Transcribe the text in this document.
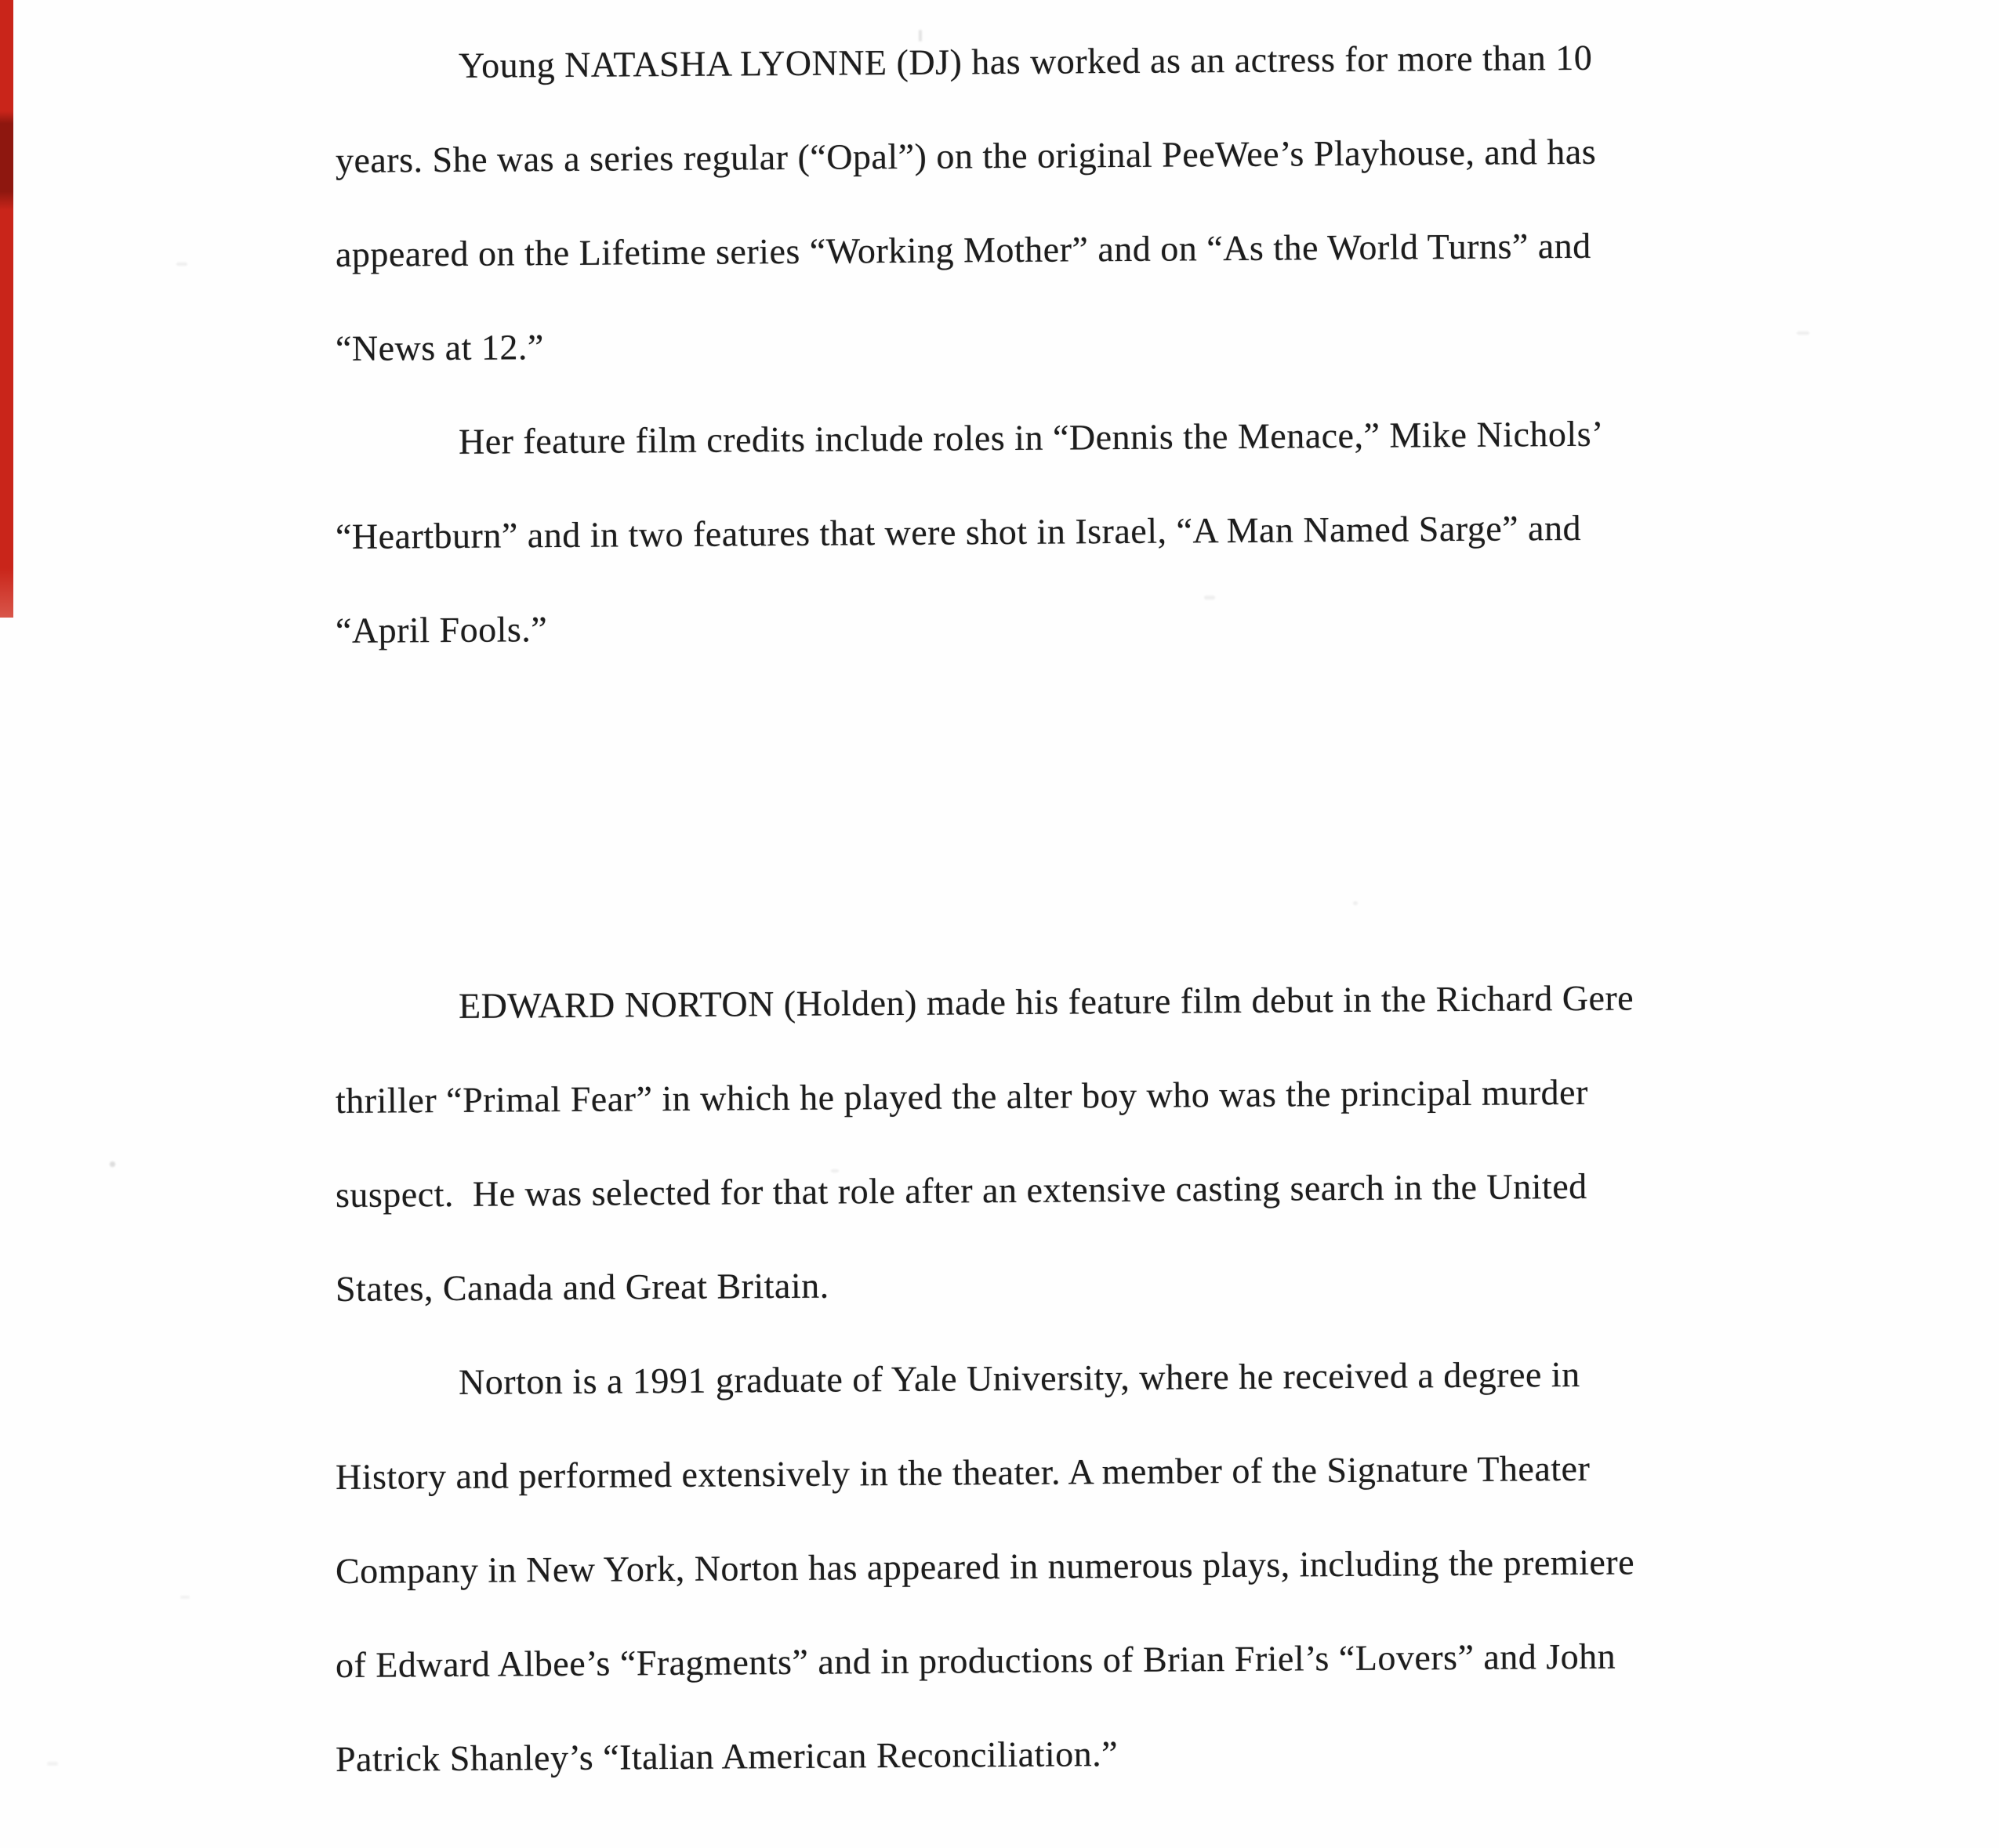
Young NATASHA LYONNE (DJ) has worked as an actress for more than 10
years. She was a series regular (“Opal”) on the original PeeWee’s Playhouse, and has
appeared on the Lifetime series “Working Mother” and on “As the World Turns” and
“News at 12.”
Her feature film credits include roles in “Dennis the Menace,” Mike Nichols’
“Heartburn” and in two features that were shot in Israel, “A Man Named Sarge” and
“April Fools.”
EDWARD NORTON (Holden) made his feature film debut in the Richard Gere
thriller “Primal Fear” in which he played the alter boy who was the principal murder
suspect.  He was selected for that role after an extensive casting search in the United
States, Canada and Great Britain.
Norton is a 1991 graduate of Yale University, where he received a degree in
History and performed extensively in the theater. A member of the Signature Theater
Company in New York, Norton has appeared in numerous plays, including the premiere
of Edward Albee’s “Fragments” and in productions of Brian Friel’s “Lovers” and John
Patrick Shanley’s “Italian American Reconciliation.”
